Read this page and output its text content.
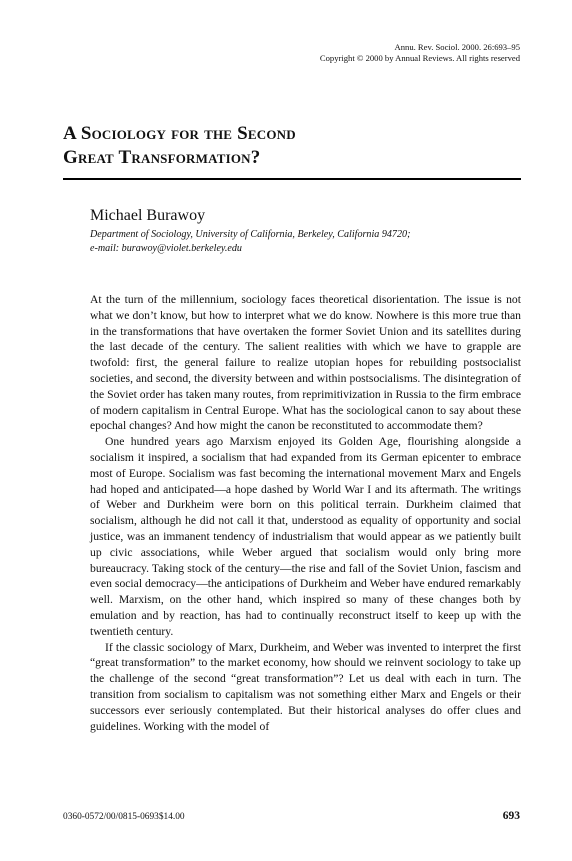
Annu. Rev. Sociol. 2000. 26:693–95
Copyright © 2000 by Annual Reviews. All rights reserved
A Sociology for the Second
Great Transformation?
Michael Burawoy
Department of Sociology, University of California, Berkeley, California 94720;
e-mail: burawoy@violet.berkeley.edu

At the turn of the millennium, sociology faces theoretical disorientation. The issue is not what we don’t know, but how to interpret what we do know. Nowhere is this more true than in the transformations that have overtaken the former Soviet Union and its satellites during the last decade of the century. The salient realities with which we have to grapple are twofold: first, the general failure to realize utopian hopes for rebuilding postsocialist societies, and second, the diversity between and within postsocialisms. The disintegration of the Soviet order has taken many routes, from reprimitivization in Russia to the firm embrace of modern capitalism in Central Europe. What has the sociological canon to say about these epochal changes? And how might the canon be reconstituted to accommodate them?

One hundred years ago Marxism enjoyed its Golden Age, flourishing alongside a socialism it inspired, a socialism that had expanded from its German epicenter to embrace most of Europe. Socialism was fast becoming the international movement Marx and Engels had hoped and anticipated—a hope dashed by World War I and its aftermath. The writings of Weber and Durkheim were born on this political terrain. Durkheim claimed that socialism, although he did not call it that, understood as equality of opportunity and social justice, was an immanent tendency of industrialism that would appear as we patiently built up civic associations, while Weber argued that socialism would only bring more bureaucracy. Taking stock of the century—the rise and fall of the Soviet Union, fascism and even social democracy—the anticipations of Durkheim and Weber have endured remarkably well. Marxism, on the other hand, which inspired so many of these changes both by emulation and by reaction, has had to continually reconstruct itself to keep up with the twentieth century.

If the classic sociology of Marx, Durkheim, and Weber was invented to interpret the first “great transformation” to the market economy, how should we reinvent sociology to take up the challenge of the second “great transformation”? Let us deal with each in turn. The transition from socialism to capitalism was not something either Marx and Engels or their successors ever seriously contemplated. But their historical analyses do offer clues and guidelines. Working with the model of

0360-0572/00/0815-0693$14.00	693
